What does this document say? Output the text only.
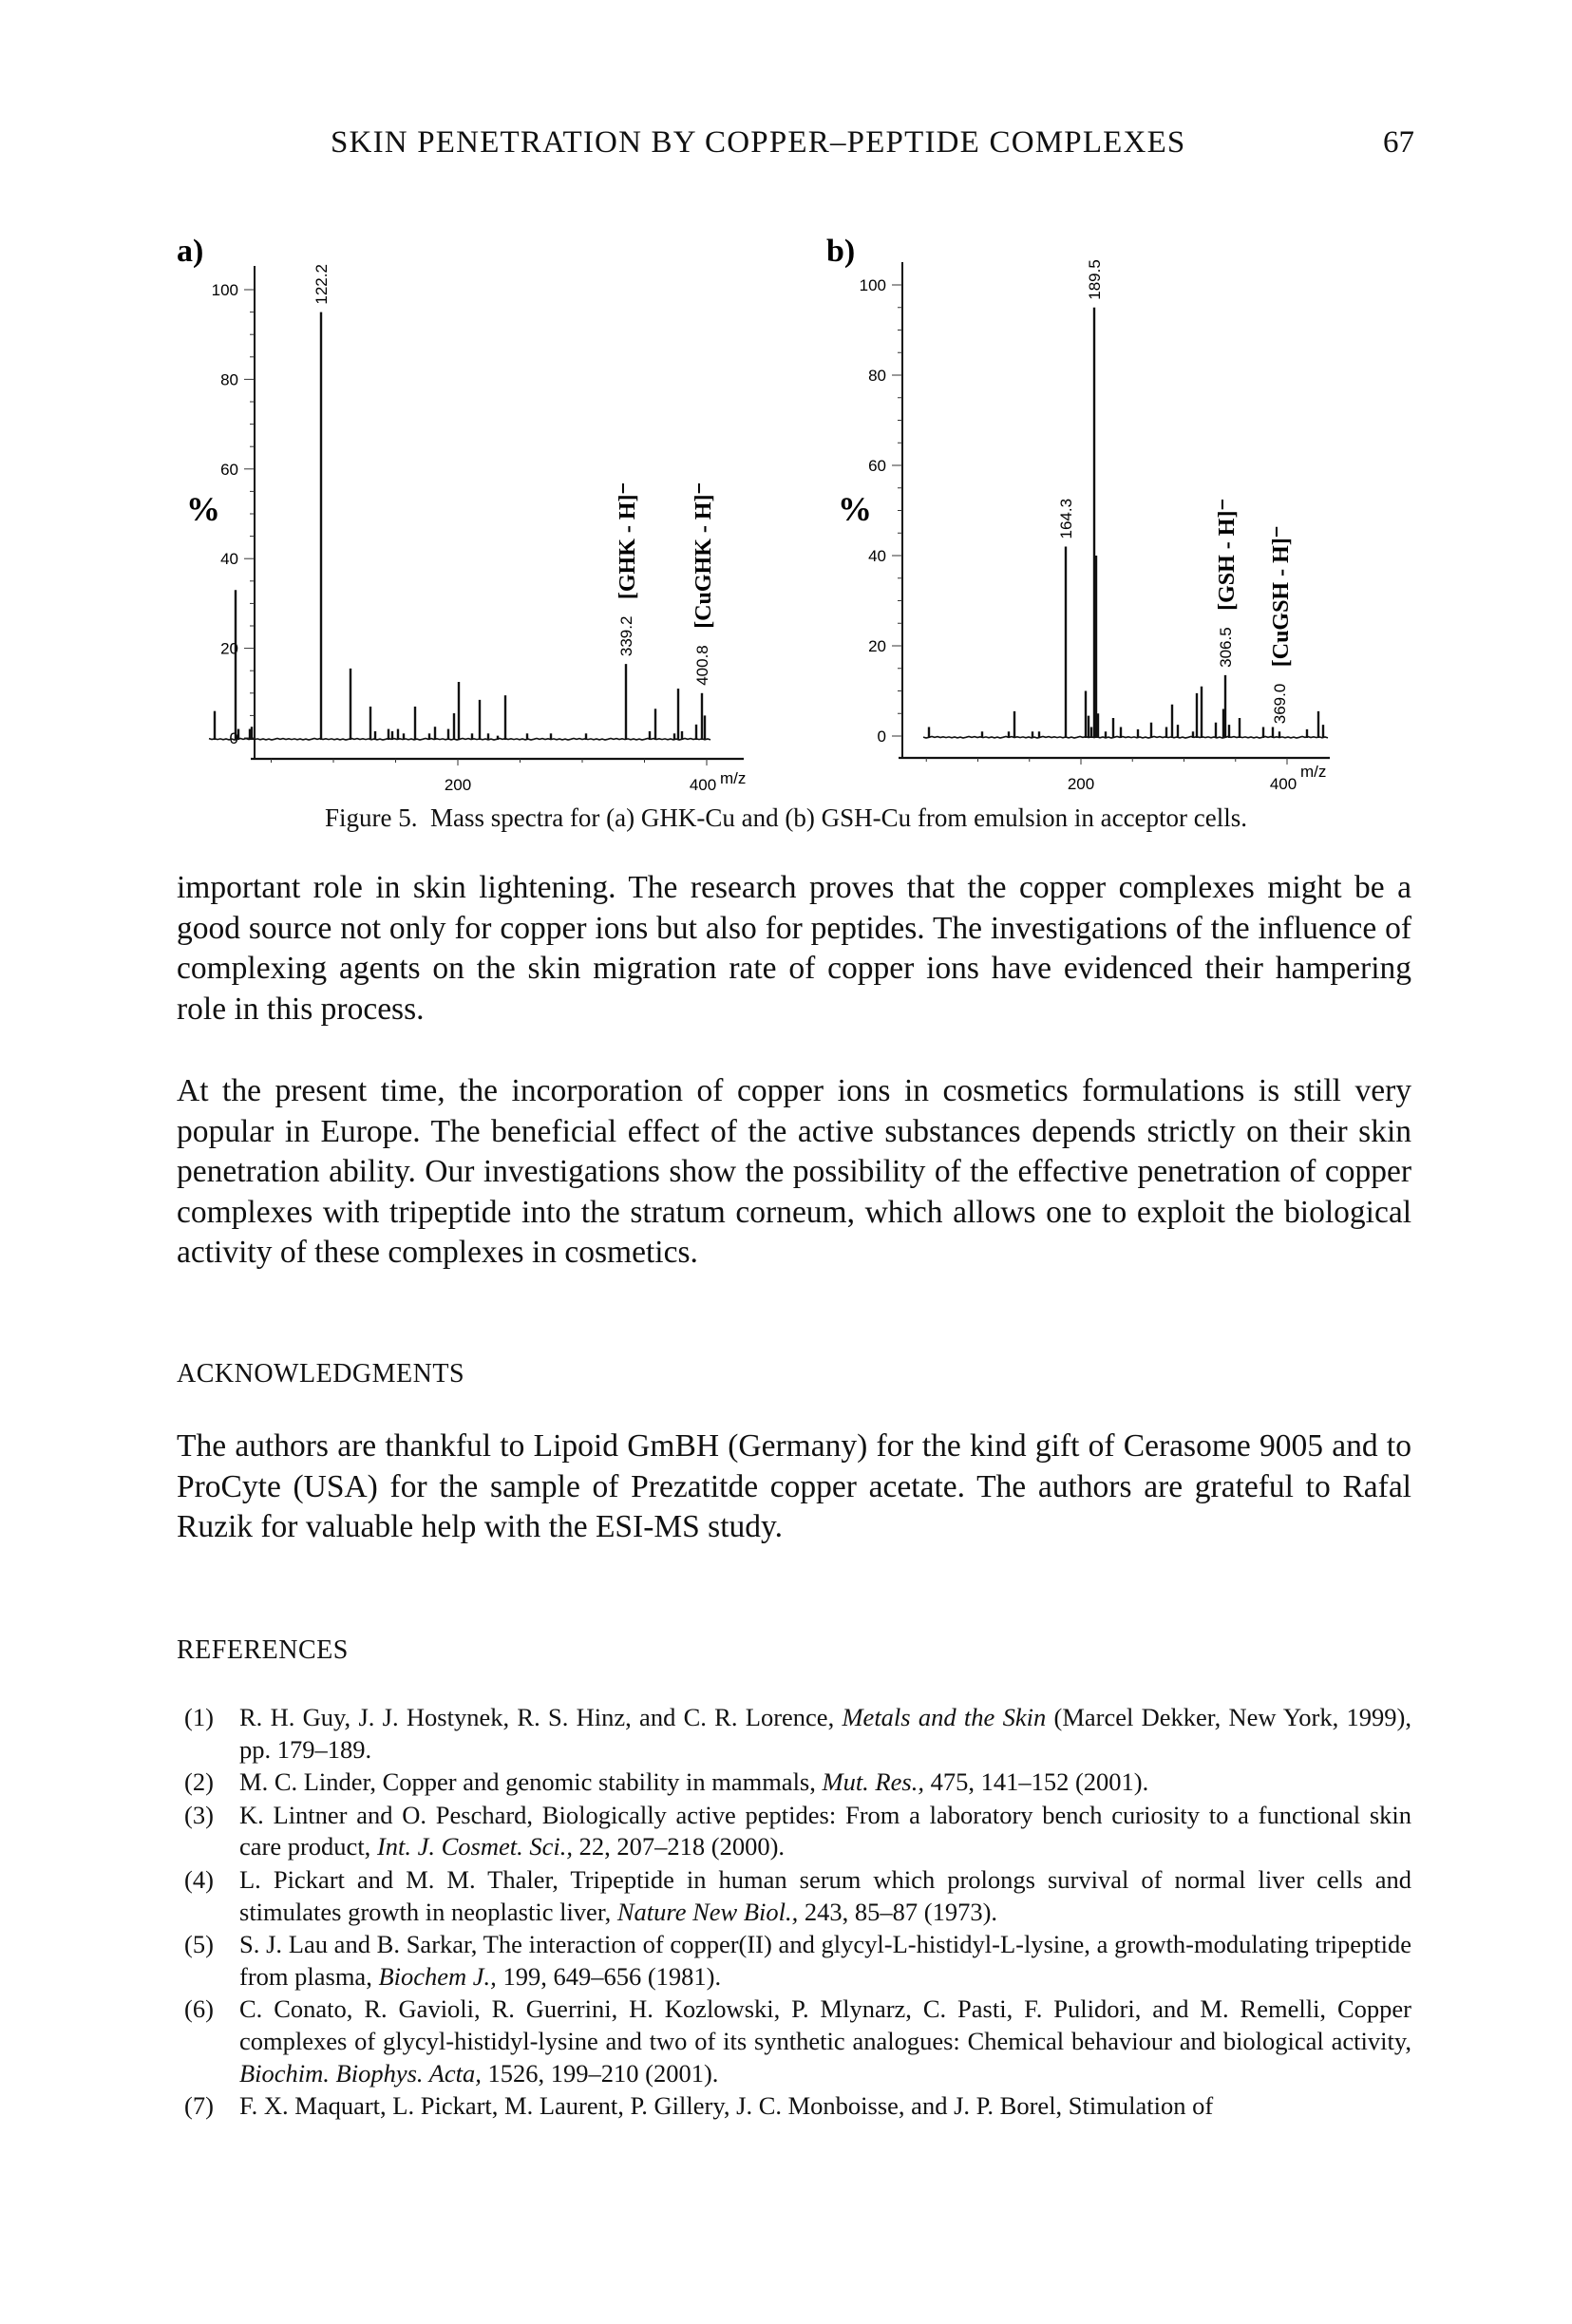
SKIN PENETRATION BY COPPER–PEPTIDE COMPLEXES	67
a)
0
20
40
60
80
100
200	400 m/z
%
122.2
339.2
[GHK - H]⁻
400.8
[CuGHK - H]⁻
b)
0
20
40
60
80
100
200	400
m/z
%	164.3
189.5
306.5
[GSH - H]⁻
369.0
[CuGSH - H]⁻
Figure 5. Mass spectra for (a) GHK-Cu and (b) GSH-Cu from emulsion in acceptor cells.

important role in skin lightening. The research proves that the copper complexes might be a good source not only for copper ions but also for peptides. The investigations of the influence of complexing agents on the skin migration rate of copper ions have evidenced their hampering role in this process.

At the present time, the incorporation of copper ions in cosmetics formulations is still very popular in Europe. The beneficial effect of the active substances depends strictly on their skin penetration ability. Our investigations show the possibility of the effective penetration of copper complexes with tripeptide into the stratum corneum, which allows one to exploit the biological activity of these complexes in cosmetics.

ACKNOWLEDGMENTS

The authors are thankful to Lipoid GmBH (Germany) for the kind gift of Cerasome 9005 and to ProCyte (USA) for the sample of Prezatitde copper acetate. The authors are grateful to Rafal Ruzik for valuable help with the ESI-MS study.

REFERENCES
(1)	R. H. Guy, J. J. Hostynek, R. S. Hinz, and C. R. Lorence, Metals and the Skin (Marcel Dekker, New York, 1999), pp. 179–189.
(2)	M. C. Linder, Copper and genomic stability in mammals, Mut. Res., 475, 141–152 (2001).
(3)	K. Lintner and O. Peschard, Biologically active peptides: From a laboratory bench curiosity to a functional skin care product, Int. J. Cosmet. Sci., 22, 207–218 (2000).
(4)	L. Pickart and M. M. Thaler, Tripeptide in human serum which prolongs survival of normal liver cells and stimulates growth in neoplastic liver, Nature New Biol., 243, 85–87 (1973).
(5)	S. J. Lau and B. Sarkar, The interaction of copper(II) and glycyl-L-histidyl-L-lysine, a growth-modulating tripeptide from plasma, Biochem J., 199, 649–656 (1981).
(6)	C. Conato, R. Gavioli, R. Guerrini, H. Kozlowski, P. Mlynarz, C. Pasti, F. Pulidori, and M. Remelli, Copper complexes of glycyl-histidyl-lysine and two of its synthetic analogues: Chemical behaviour and biological activity, Biochim. Biophys. Acta, 1526, 199–210 (2001).
(7)	F. X. Maquart, L. Pickart, M. Laurent, P. Gillery, J. C. Monboisse, and J. P. Borel, Stimulation of
